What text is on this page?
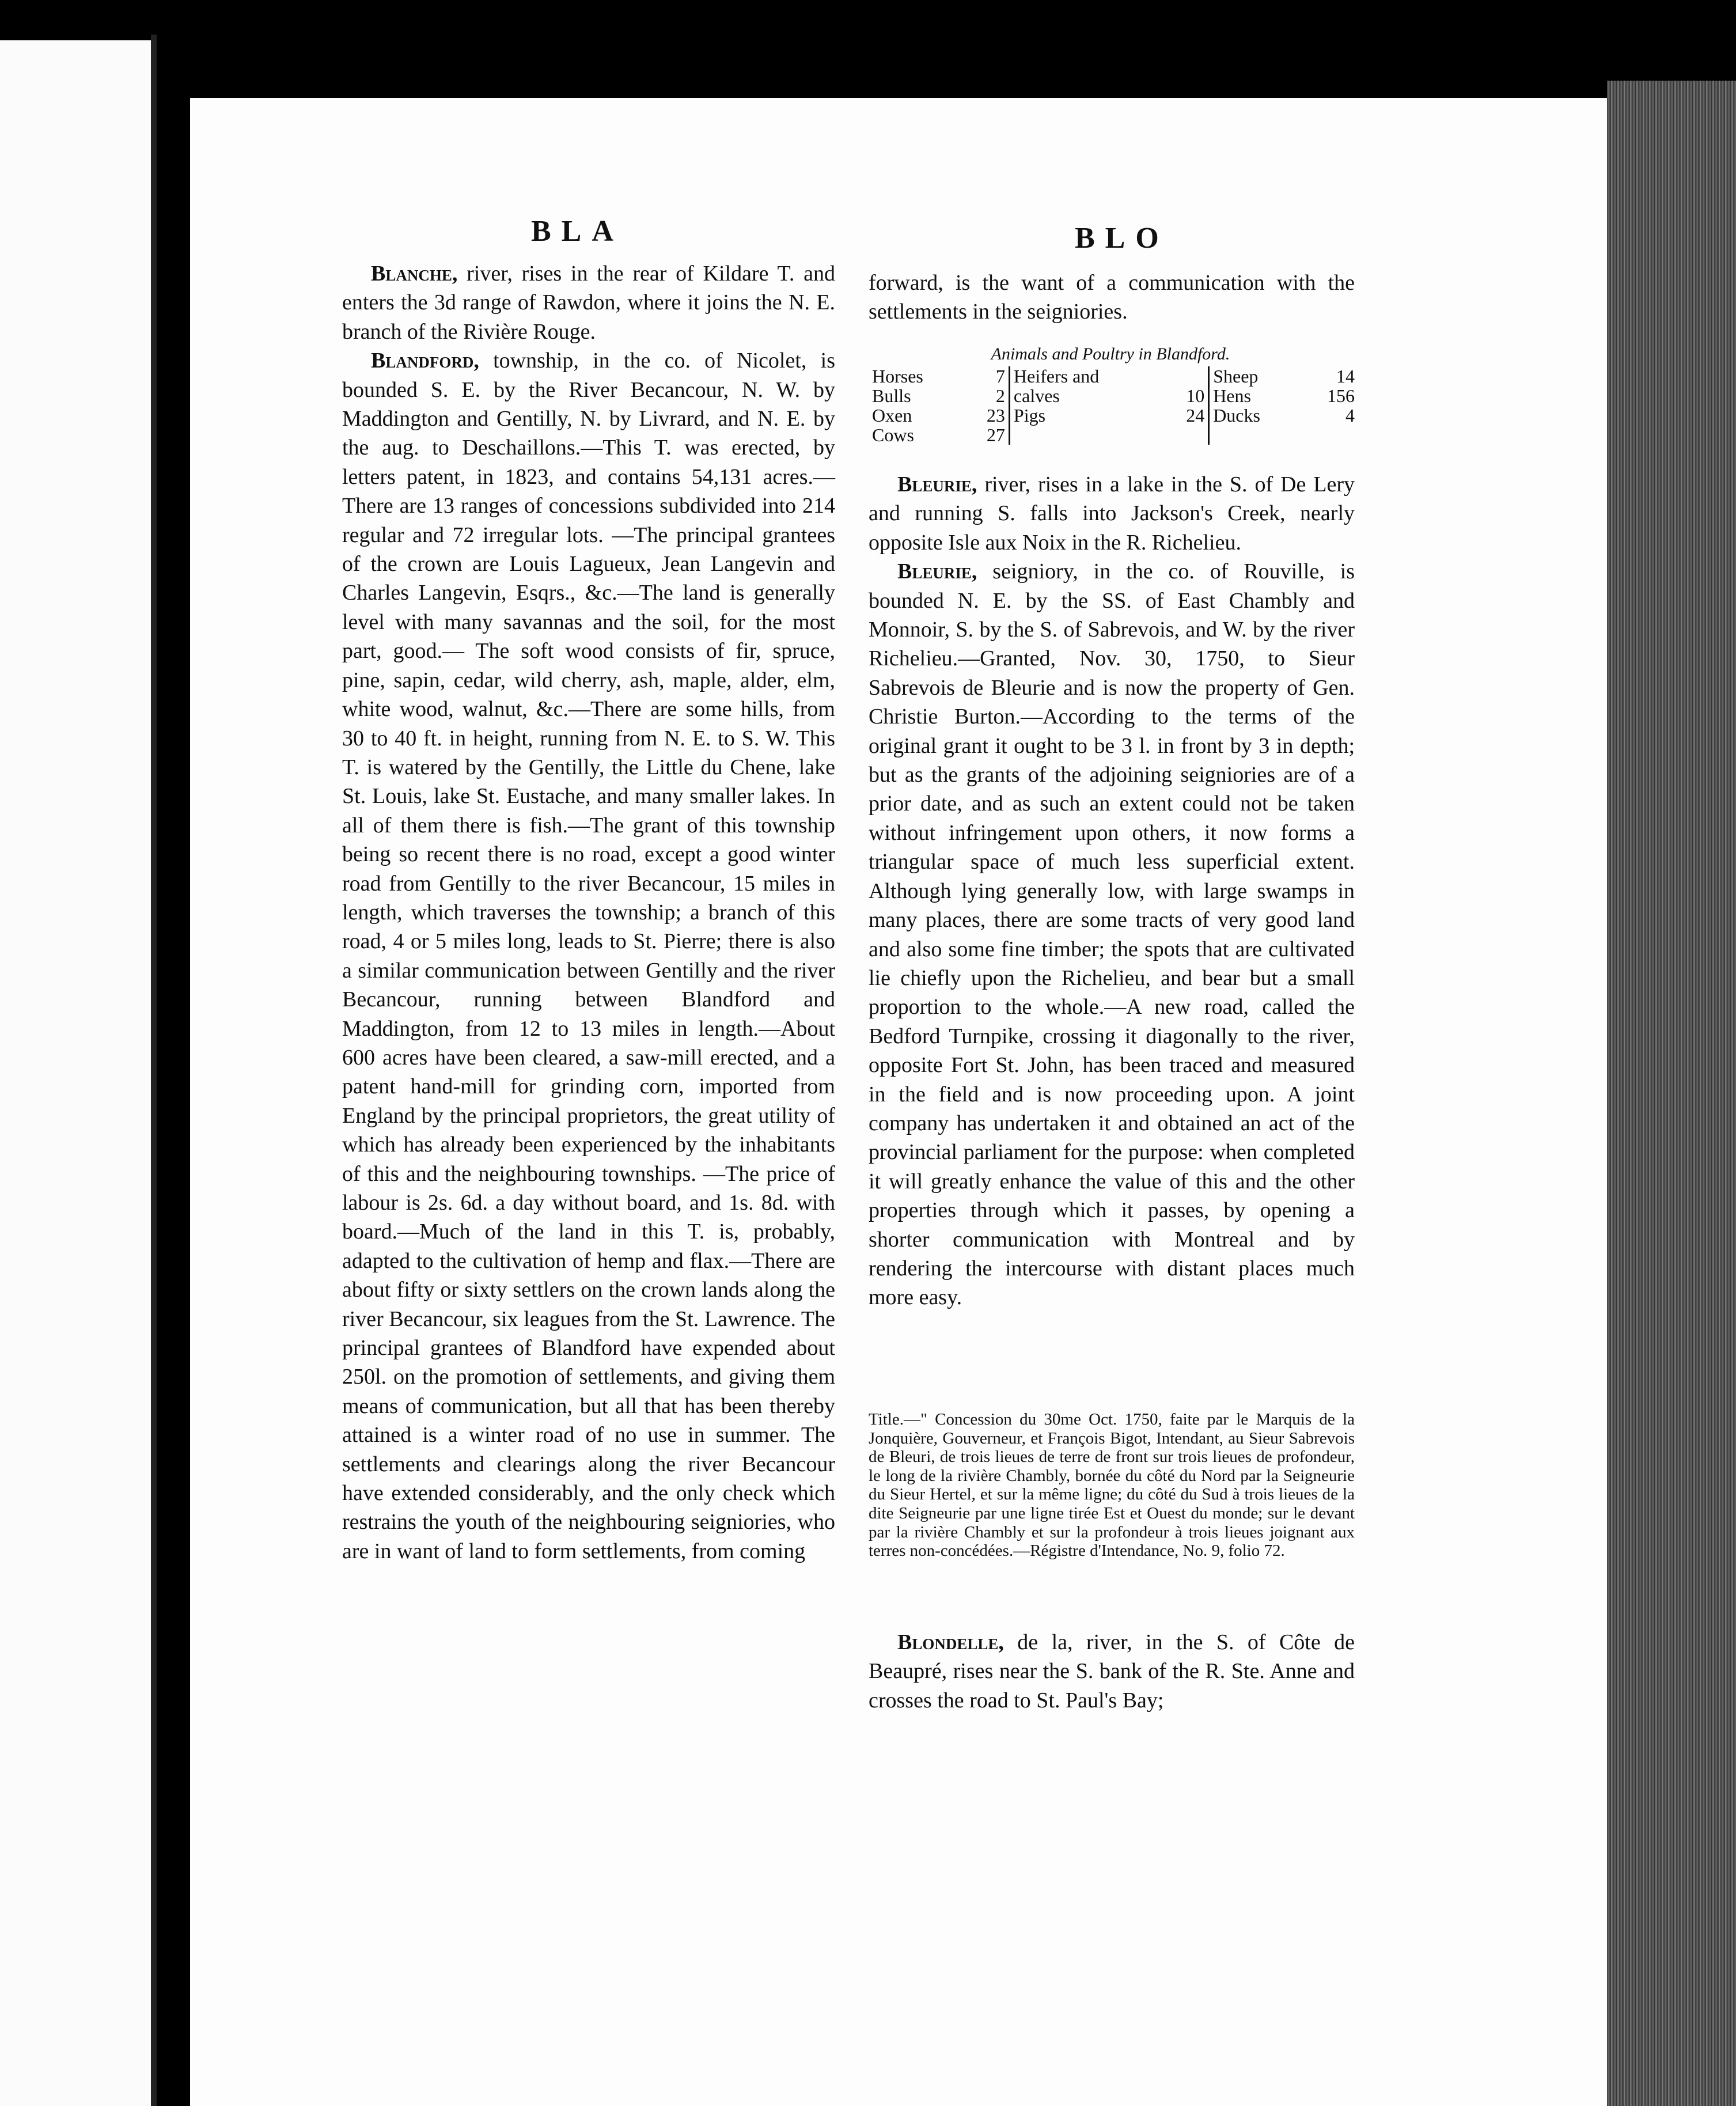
BLA	BLO

Blanche, river, rises in the rear of Kildare T. and enters the 3d range of Rawdon, where it joins the N. E. branch of the Rivière Rouge.

Blandford, township, in the co. of Nicolet, is bounded S. E. by the River Becancour, N. W. by Maddington and Gentilly, N. by Livrard, and N. E. by the aug. to Deschaillons.—This T. was erected, by letters patent, in 1823, and contains 54,131 acres.—There are 13 ranges of concessions subdivided into 214 regular and 72 irregular lots. —The principal grantees of the crown are Louis Lagueux, Jean Langevin and Charles Langevin, Esqrs., &c.—The land is generally level with many savannas and the soil, for the most part, good.— The soft wood consists of fir, spruce, pine, sapin, cedar, wild cherry, ash, maple, alder, elm, white wood, walnut, &c.—There are some hills, from 30 to 40 ft. in height, running from N. E. to S. W. This T. is watered by the Gentilly, the Little du Chene, lake St. Louis, lake St. Eustache, and many smaller lakes. In all of them there is fish.—The grant of this township being so recent there is no road, except a good winter road from Gentilly to the river Becancour, 15 miles in length, which traverses the township; a branch of this road, 4 or 5 miles long, leads to St. Pierre; there is also a similar communication between Gentilly and the river Becancour, running between Blandford and Maddington, from 12 to 13 miles in length.—About 600 acres have been cleared, a saw-mill erected, and a patent hand-mill for grinding corn, imported from England by the principal proprietors, the great utility of which has already been experienced by the inhabitants of this and the neighbouring townships. —The price of labour is 2s. 6d. a day without board, and 1s. 8d. with board.—Much of the land in this T. is, probably, adapted to the cultivation of hemp and flax.—There are about fifty or sixty settlers on the crown lands along the river Becancour, six leagues from the St. Lawrence. The principal grantees of Blandford have expended about 250l. on the promotion of settlements, and giving them means of communication, but all that has been thereby attained is a winter road of no use in summer. The settlements and clearings along the river Becancour have extended considerably, and the only check which restrains the youth of the neighbouring seigniories, who are in want of land to form settlements, from coming

forward, is the want of a communication with the settlements in the seigniories.

Animals and Poultry in Blandford.
Horses	7	Heifers and		Sheep	14
Bulls	2	calves	10	Hens	156
Oxen	23	Pigs	24	Ducks	4
Cows	27				

Bleurie, river, rises in a lake in the S. of De Lery and running S. falls into Jackson's Creek, nearly opposite Isle aux Noix in the R. Richelieu.

Bleurie, seigniory, in the co. of Rouville, is bounded N. E. by the SS. of East Chambly and Monnoir, S. by the S. of Sabrevois, and W. by the river Richelieu.—Granted, Nov. 30, 1750, to Sieur Sabrevois de Bleurie and is now the property of Gen. Christie Burton.—According to the terms of the original grant it ought to be 3 l. in front by 3 in depth; but as the grants of the adjoining seigniories are of a prior date, and as such an extent could not be taken without infringement upon others, it now forms a triangular space of much less superficial extent. Although lying generally low, with large swamps in many places, there are some tracts of very good land and also some fine timber; the spots that are cultivated lie chiefly upon the Richelieu, and bear but a small proportion to the whole.—A new road, called the Bedford Turnpike, crossing it diagonally to the river, opposite Fort St. John, has been traced and measured in the field and is now proceeding upon. A joint company has undertaken it and obtained an act of the provincial parliament for the purpose: when completed it will greatly enhance the value of this and the other properties through which it passes, by opening a shorter communication with Montreal and by rendering the intercourse with distant places much more easy.

Title.—" Concession du 30me Oct. 1750, faite par le Marquis de la Jonquière, Gouverneur, et François Bigot, Intendant, au Sieur Sabrevois de Bleuri, de trois lieues de terre de front sur trois lieues de profondeur, le long de la rivière Chambly, bornée du côté du Nord par la Seigneurie du Sieur Hertel, et sur la même ligne; du côté du Sud à trois lieues de la dite Seigneurie par une ligne tirée Est et Ouest du monde; sur le devant par la rivière Chambly et sur la profondeur à trois lieues joignant aux terres non-concédées.—Régistre d'Intendance, No. 9, folio 72.

Blondelle, de la, river, in the S. of Côte de Beaupré, rises near the S. bank of the R. Ste. Anne and crosses the road to St. Paul's Bay;
